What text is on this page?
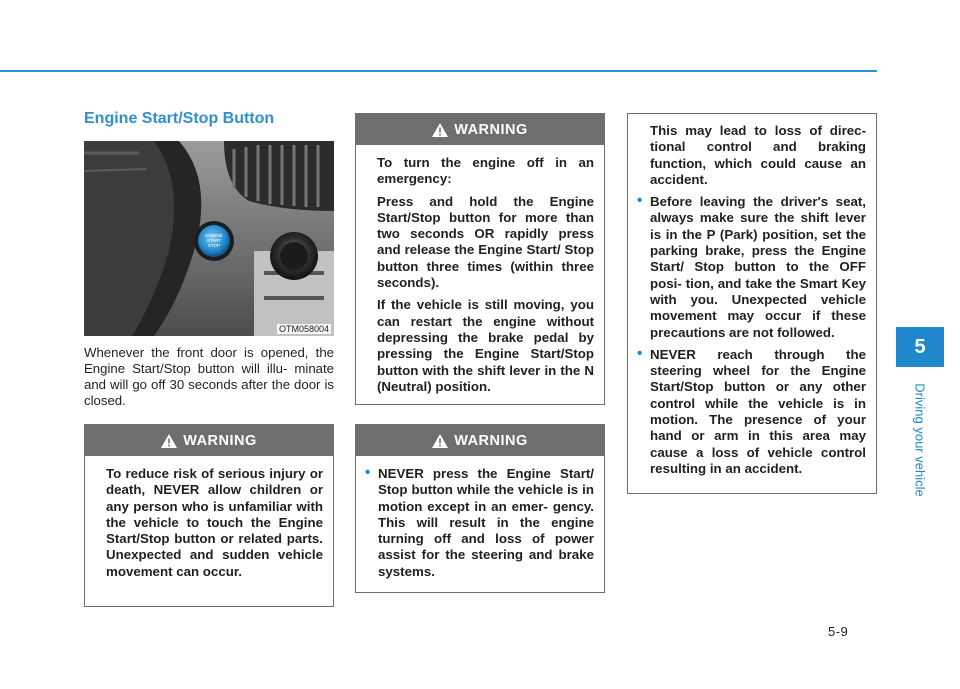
5
Driving your vehicle
5-9
Engine Start/Stop Button
ENGINE
START
STOP
OTM058004

Whenever the front door is opened, the Engine Start/Stop button will illu- minate and will go off 30 seconds after the door is closed.

WARNING

To reduce risk of serious injury or death, NEVER allow children or any person who is unfamiliar with the vehicle to touch the Engine Start/Stop button or related parts. Unexpected and sudden vehicle movement can occur.

WARNING

To turn the engine off in an emergency:

Press and hold the Engine Start/Stop button for more than two seconds OR rapidly press and release the Engine Start/ Stop button three times (within three seconds).

If the vehicle is still moving, you can restart the engine without depressing the brake pedal by pressing the Engine Start/Stop button with the shift lever in the N (Neutral) position.

WARNING
• NEVER press the Engine Start/ Stop button while the vehicle is in motion except in an emer- gency. This will result in the engine turning off and loss of power assist for the steering and brake systems.

This may lead to loss of direc- tional control and braking function, which could cause an accident.

• Before leaving the driver's seat, always make sure the shift lever is in the P (Park) position, set the parking brake, press the Engine Start/ Stop button to the OFF posi- tion, and take the Smart Key with you. Unexpected vehicle movement may occur if these precautions are not followed.
• NEVER reach through the steering wheel for the Engine Start/Stop button or any other control while the vehicle is in motion. The presence of your hand or arm in this area may cause a loss of vehicle control resulting in an accident.
